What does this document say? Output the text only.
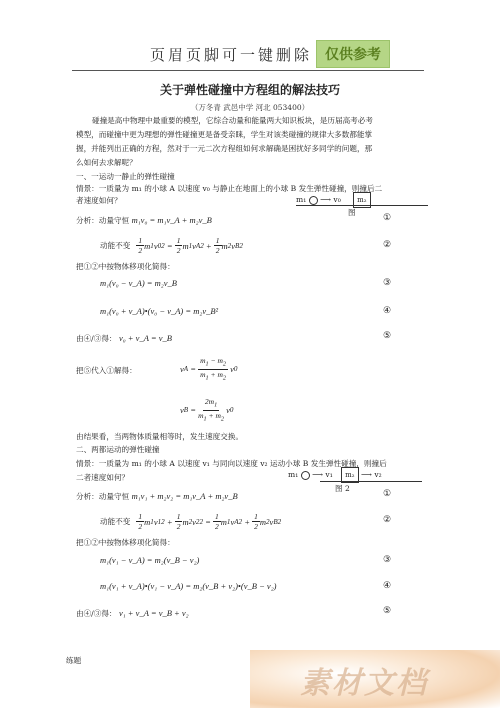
页眉页脚可一键删除 仅供参考
关于弹性碰撞中方程组的解法技巧
（万冬青 武邑中学 河北 053400）
碰撞是高中物理中最重要的模型，它综合动量和能量两大知识板块，是历届高考必考
模型，而碰撞中更为理想的弹性碰撞更是备受亲睐，学生对该类碰撞的规律大多数都能掌
握，并能列出正确的方程，然对于一元二次方程组如何求解确是困扰好多同学的问题，那
么如何去求解呢？
一、一运动一静止的弹性碰撞
情景：一质量为 m₁ 的小球 A 以速度 v₀ 与静止在地面上的小球 B 发生弹性碰撞，则撞后二
者速度如何？	m₁ ⟶ v₀ m₂
图
分析：动量守恒 m₁v₀ = m₁v_A + m₂v_B	①
动能不变 $\frac{1}{2}$ m 1 v 0 $2 = \frac{1}{2}$ m 1 v A $2 + \frac{1}{2}$ m 2 v B 2	②
把①②中按物体移项化简得：
m₁(v₀ − v_A) = m₂v_B	③
m₁(v₀ + v_A)•(v₀ − v_A) = m₂v_B²	④
由④/③得： v₀ + v_A = v_B	⑤
把⑤代入①解得：	v $A = \frac{m_1 - m_2}{m_1 + m_2}$ v 0
v $B = \frac{2m_1}{m_1 + m_2}$ v 0
由结果看，当两物体质量相等时，发生速度交换。
二、两都运动的弹性碰撞
情景：一质量为 m₁ 的小球 A 以速度 v₁ 与同向以速度 v₂ 运动小球 B 发生弹性碰撞，则撞后
二者速度如何？	m₁ ⟶ v₁ m₂ ⟶ v₂
图 2
分析：动量守恒 m₁v₁ + m₂v₂ = m₁v_A + m₂v_B	①
动能不变 $\frac{1}{2}$ m 1 v 1 $2 + \frac{1}{2}$ m 2 v 2 $2 = \frac{1}{2}$ m 1 v A $2 + \frac{1}{2}$ m 2 v B 2	②
把①②中按物体移项化简得：
m₁(v₁ − v_A) = m₂(v_B − v₂)	③
m₁(v₁ + v_A)•(v₁ − v_A) = m₂(v_B + v₂)•(v_B − v₂)	④
由④/③得： v₁ + v_A = v_B + v₂	⑤
素材文档
练题
